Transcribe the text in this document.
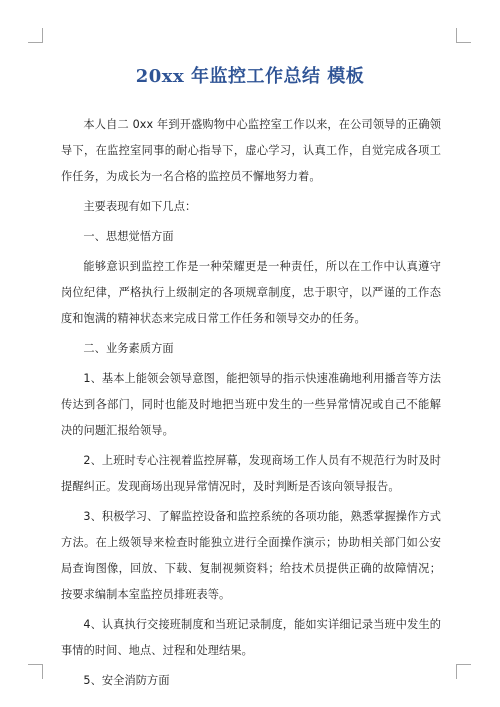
20xx 年监控工作总结 模板

本人自二 0xx 年到开盛购物中心监控室工作以来，在公司领导的正确领导下，在监控室同事的耐心指导下，虚心学习，认真工作，自觉完成各项工作任务，为成长为一名合格的监控员不懈地努力着。

主要表现有如下几点：

一、思想觉悟方面

能够意识到监控工作是一种荣耀更是一种责任，所以在工作中认真遵守岗位纪律，严格执行上级制定的各项规章制度，忠于职守，以严谨的工作态度和饱满的精神状态来完成日常工作任务和领导交办的任务。

二、业务素质方面

1、基本上能领会领导意图，能把领导的指示快速准确地利用播音等方法传达到各部门，同时也能及时地把当班中发生的一些异常情况或自己不能解决的问题汇报给领导。

2、上班时专心注视着监控屏幕，发现商场工作人员有不规范行为时及时提醒纠正。发现商场出现异常情况时，及时判断是否该向领导报告。

3、积极学习、了解监控设备和监控系统的各项功能，熟悉掌握操作方式方法。在上级领导来检查时能独立进行全面操作演示；协助相关部门如公安局查询图像，回放、下载、复制视频资料；给技术员提供正确的故障情况；按要求编制本室监控员排班表等。

4、认真执行交接班制度和当班记录制度，能如实详细记录当班中发生的事情的时间、地点、过程和处理结果。

5、安全消防方面
